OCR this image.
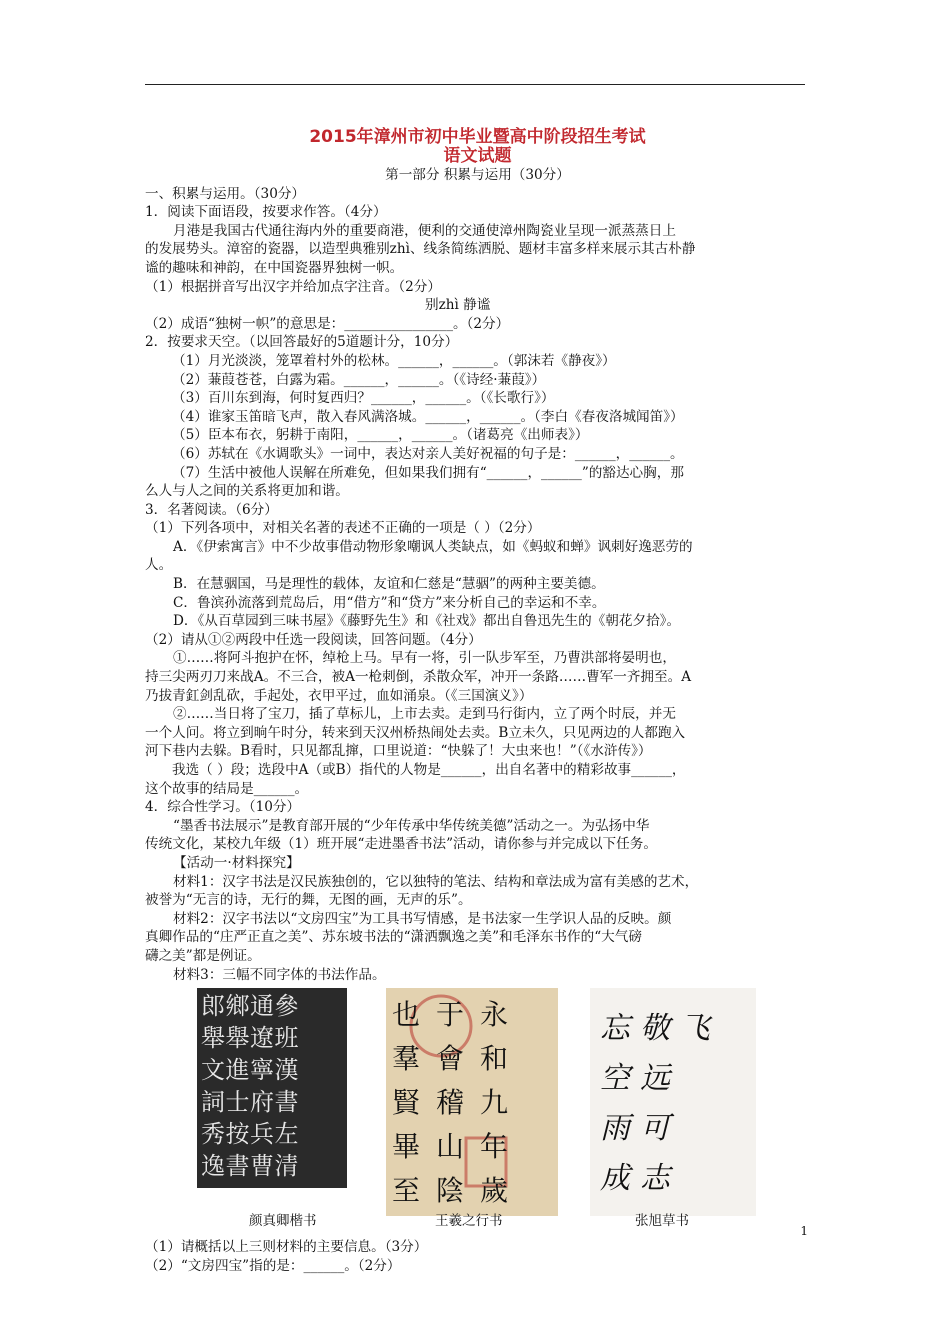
2015年漳州市初中毕业暨高中阶段招生考试

语文试题

第一部分 积累与运用（30分）

一、积累与运用。（30分）

1．阅读下面语段，按要求作答。（4分）

月港是我国古代通往海内外的重要商港，便利的交通使漳州陶瓷业呈现一派蒸蒸日上

的发展势头。漳窑的瓷器，以造型典雅别zhì、线条简练洒脱、题材丰富多样来展示其古朴静

谧的趣味和神韵，在中国瓷器界独树一帜。

（1）根据拼音写出汉字并给加点字注音。（2分）

别zhì 静谧

（2）成语“独树一帜”的意思是：________________。（2分）

2．按要求天空。（以回答最好的5道题计分，10分）

（1）月光淡淡，笼罩着村外的松林。______，______。（郭沫若《静夜》）

（2）蒹葭苍苍，白露为霜。______，______。（《诗经·蒹葭》）

（3）百川东到海，何时复西归？______，______。（《长歌行》）

（4）谁家玉笛暗飞声，散入春风满洛城。______，______。（李白《春夜洛城闻笛》）

（5）臣本布衣，躬耕于南阳，______，______。（诸葛亮《出师表》）

（6）苏轼在《水调歌头》一词中，表达对亲人美好祝福的句子是：______，______。

（7）生活中被他人误解在所难免，但如果我们拥有“______，______”的豁达心胸，那

么人与人之间的关系将更加和谐。

3．名著阅读。（6分）

（1）下列各项中，对相关名著的表述不正确的一项是（ ）（2分）

A．《伊索寓言》中不少故事借动物形象嘲讽人类缺点，如《蚂蚁和蝉》讽刺好逸恶劳的

人。

B．在慧骃国，马是理性的载体，友谊和仁慈是“慧骃”的两种主要美德。

C．鲁滨孙流落到荒岛后，用“借方”和“贷方”来分析自己的幸运和不幸。

D．《从百草园到三味书屋》《藤野先生》和《社戏》都出自鲁迅先生的《朝花夕拾》。

（2）请从①②两段中任选一段阅读，回答问题。（4分）

①……将阿斗抱护在怀，绰枪上马。早有一将，引一队步军至，乃曹洪部将晏明也，

持三尖两刃刀来战A。不三合，被A一枪刺倒，杀散众军，冲开一条路……曹军一齐拥至。A

乃拔青釭剑乱砍，手起处，衣甲平过，血如涌泉。（《三国演义》）

②……当日将了宝刀，插了草标儿，上市去卖。走到马行街内，立了两个时辰，并无

一个人问。将立到晌午时分，转来到天汉州桥热闹处去卖。B立未久，只见两边的人都跑入

河下巷内去躲。B看时，只见都乱撺，口里说道：“快躲了！大虫来也！”（《水浒传》）

我选（ ）段；选段中A（或B）指代的人物是______，出自名著中的精彩故事______，

这个故事的结局是______。

4．综合性学习。（10分）

“墨香书法展示”是教育部开展的“少年传承中华传统美德”活动之一。为弘扬中华

传统文化，某校九年级（1）班开展“走进墨香书法”活动，请你参与并完成以下任务。

【活动一·材料探究】

材料1：汉字书法是汉民族独创的，它以独特的笔法、结构和章法成为富有美感的艺术，

被誉为“无言的诗，无行的舞，无图的画，无声的乐”。

材料2：汉字书法以“文房四宝”为工具书写情感，是书法家一生学识人品的反映。颜

真卿作品的“庄严正直之美”、苏东坡书法的“潇洒飘逸之美”和毛泽东书作的“大气磅

礴之美”都是例证。

材料3：三幅不同字体的书法作品。

郎
舉
文
詞
秀
逸
鄉
舉
進
士
按
書
通
遼
寧
府
兵
曹
參
班
漢
書
左
清
也
羣
賢
畢
至
于
會
稽
山
陰
永
和
九
年
歲
忘
空
雨
成
敬
远
可
志
飞
颜真卿楷书	王羲之行书	张旭草书

（1）请概括以上三则材料的主要信息。（3分）

（2）“文房四宝”指的是：______。（2分）

1
